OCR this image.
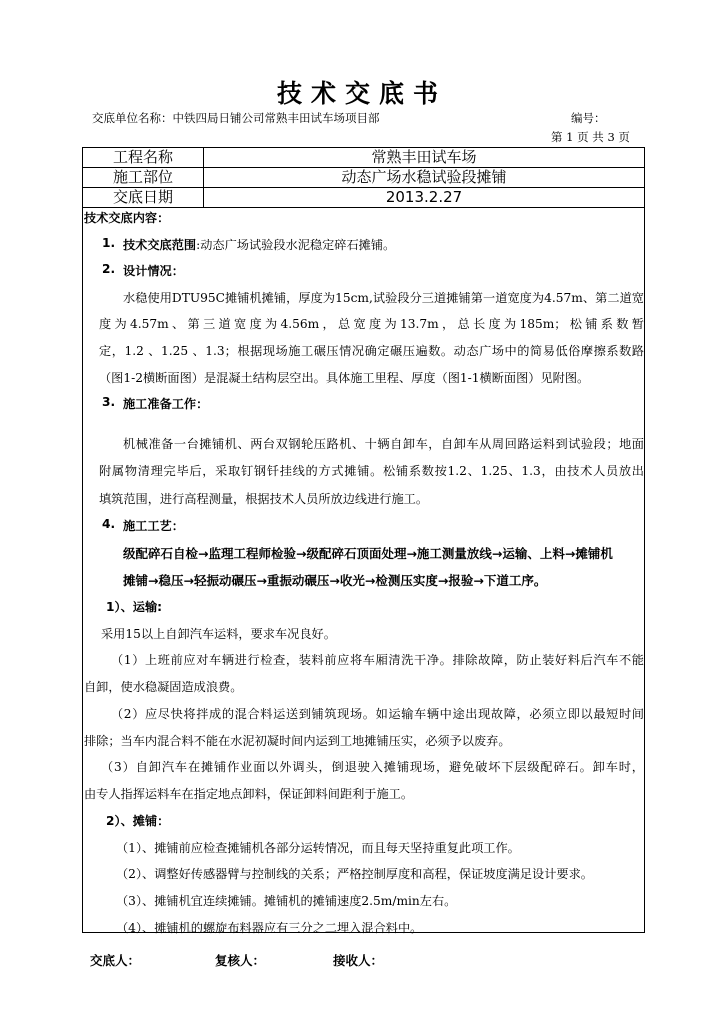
技术交底书
交底单位名称：中铁四局日铺公司常熟丰田试车场项目部	编号：
第 1 页 共 3 页
工程名称	常熟丰田试车场
施工部位	动态广场水稳试验段摊铺
交底日期	2013.2.27
技术交底内容：
1. 技术交底范围:动态广场试验段水泥稳定碎石摊铺。
2. 设计情况：
水稳使用DTU95C摊铺机摊铺，厚度为15cm,试验段分三道摊铺第一道宽度为4.57m、第二道宽
度为4.57m、第三道宽度为4.56m，总宽度为13.7m，总长度为185m；松铺系数暂
定，1.2 、1.25 、1.3；根据现场施工碾压情况确定碾压遍数。动态广场中的简易低俗摩擦系数路
（图1-2横断面图）是混凝土结构层空出。具体施工里程、厚度（图1-1横断面图）见附图。
3. 施工准备工作：
机械准备一台摊铺机、两台双钢轮压路机、十辆自卸车，自卸车从周回路运料到试验段；地面
附属物清理完毕后，采取钉钢钎挂线的方式摊铺。松铺系数按1.2、1.25、1.3，由技术人员放出
填筑范围，进行高程测量，根据技术人员所放边线进行施工。
4. 施工工艺：
级配碎石自检→监理工程师检验→级配碎石顶面处理→施工测量放线→运输、上料→摊铺机
摊铺→稳压→轻振动碾压→重振动碾压→收光→检测压实度→报验→下道工序。
1）、运输:
采用15以上自卸汽车运料，要求车况良好。
（1）上班前应对车辆进行检查，装料前应将车厢清洗干净。排除故障，防止装好料后汽车不能
自卸，使水稳凝固造成浪费。
（2）应尽快将拌成的混合料运送到铺筑现场。如运输车辆中途出现故障，必须立即以最短时间
排除；当车内混合料不能在水泥初凝时间内运到工地摊铺压实，必须予以废弃。
（3）自卸汽车在摊铺作业面以外调头，倒退驶入摊铺现场，避免破坏下层级配碎石。卸车时，
由专人指挥运料车在指定地点卸料，保证卸料间距利于施工。
2）、摊铺：
（1）、摊铺前应检查摊铺机各部分运转情况，而且每天坚持重复此项工作。
（2）、调整好传感器臂与控制线的关系；严格控制厚度和高程，保证坡度满足设计要求。
（3）、摊铺机宜连续摊铺。摊铺机的摊铺速度2.5m/min左右。
（4）、摊铺机的螺旋布料器应有三分之二埋入混合料中。
交底人：	复核人：	接收人：
